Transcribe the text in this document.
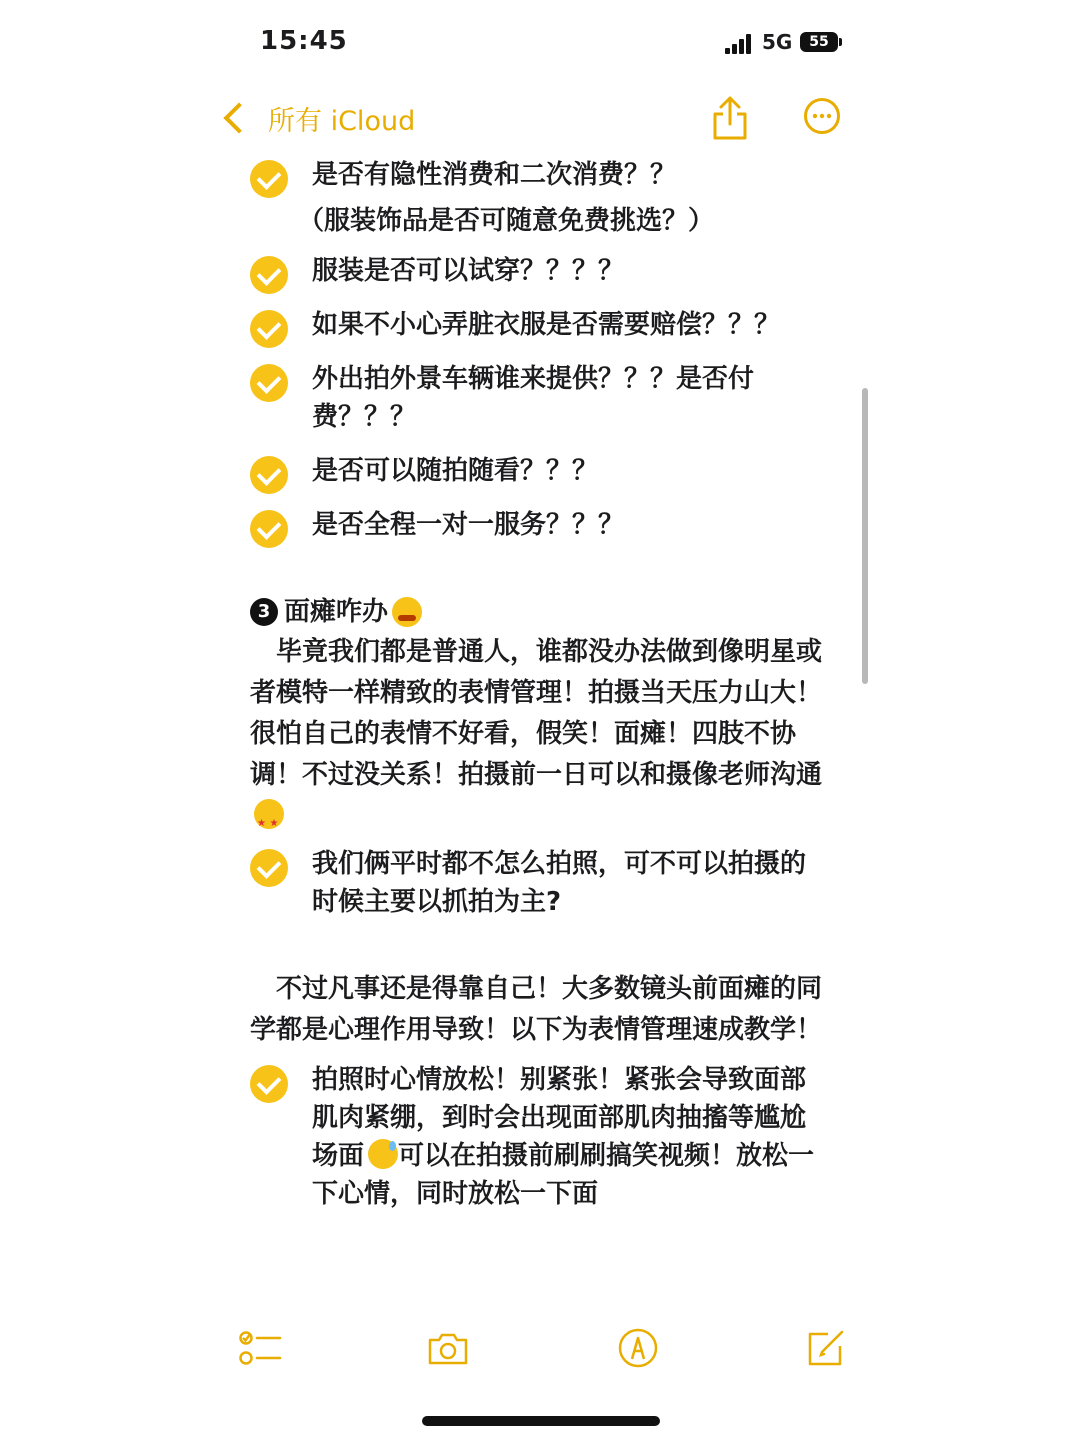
15:45	5G	55
所有 iCloud
是否有隐性消费和二次消费？？
（服装饰品是否可随意免费挑选？）
服装是否可以试穿？？？？
如果不小心弄脏衣服是否需要赔偿？？？
外出拍外景车辆谁来提供？？？是否付费？？？
是否可以随拍随看？？？
是否全程一对一服务？？？
3 面瘫咋办
　毕竟我们都是普通人，谁都没办法做到像明星或者模特一样精致的表情管理！拍摄当天压力山大！很怕自己的表情不好看，假笑！面瘫！四肢不协调！不过没关系！拍摄前一日可以和摄像老师沟通★ ★
我们俩平时都不怎么拍照，可不可以拍摄的时候主要以抓拍为主?
　不过凡事还是得靠自己！大多数镜头前面瘫的同学都是心理作用导致！以下为表情管理速成教学！
拍照时心情放松！别紧张！紧张会导致面部肌肉紧绷，到时会出现面部肌肉抽搐等尴尬场面 可以在拍摄前刷刷搞笑视频！放松一下心情，同时放松一下面
